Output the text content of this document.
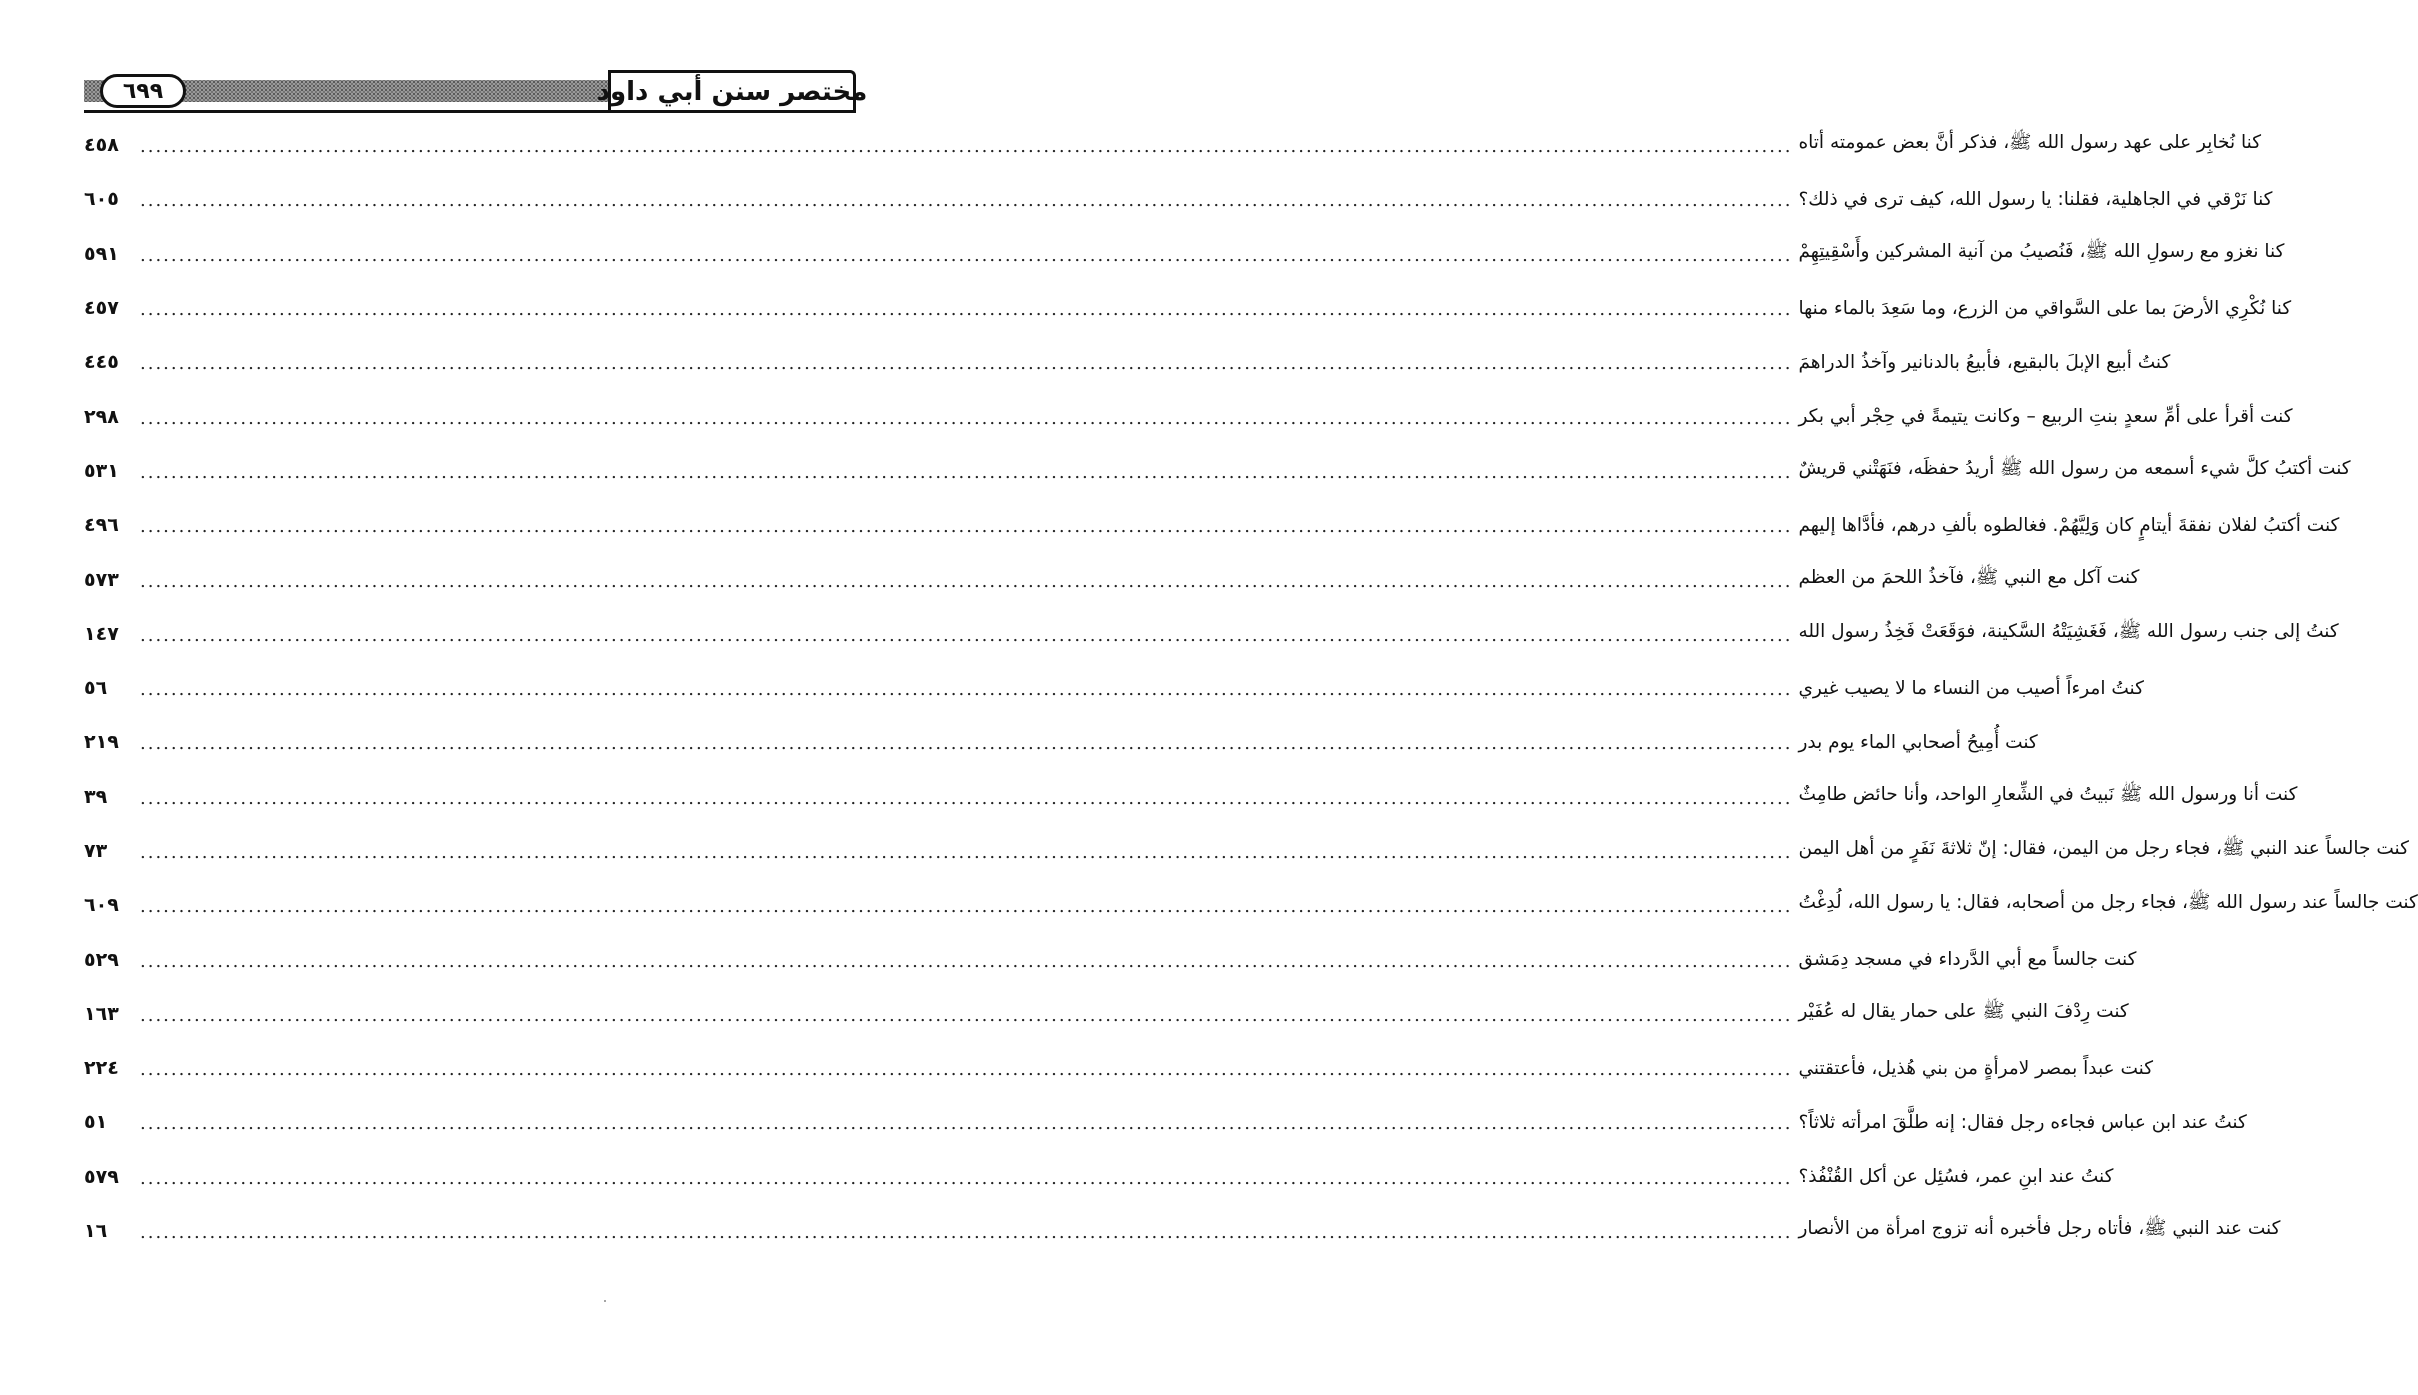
مختصر سنن أبي داود
٦٩٩
٤٥٨ .....	كنا نُخابِر على عهد رسول الله ﷺ، فذكر أنَّ بعض عمومته أتاه
٦٠٥ .....	كنا نَرْقي في الجاهلية، فقلنا: يا رسول الله، كيف ترى في ذلك؟
٥٩١ .....	كنا نغزو مع رسولِ الله ﷺ، فَنُصيبُ من آنية المشركين وأَسْقِيتِهِمْ
٤٥٧ .....	كنا نُكْرِي الأرضَ بما على السَّواقي من الزرع، وما سَعِدَ بالماء منها
٤٤٥ .....	كنتُ أبيع الإبلَ بالبقيع، فأبيعُ بالدنانير وآخذُ الدراهمَ
٢٩٨ .....	كنت أقرأ على أمِّ سعدٍ بنتِ الربيع – وكانت يتيمةً في حِجْر أبي بكر
٥٣١ .....	كنت أكتبُ كلَّ شيء أسمعه من رسول الله ﷺ أريدُ حفظَه، فنَهَتْني قريشٌ
٤٩٦ .....	كنت أكتبُ لفلان نفقةَ أيتامٍ كان وَلِيَّهُمْ. فغالطوه بألفِ درهم، فأدَّاها إليهم
٥٧٣ .....	كنت آكل مع النبي ﷺ، فآخذُ اللحمَ من العظم
١٤٧ .....	كنتُ إلى جنب رسول الله ﷺ، فَغَشِيَتْهُ السَّكينة، فوَقَعَتْ فَخِذُ رسول الله
٥٦ .....	كنتُ امرءاً أصيب من النساء ما لا يصيب غيري
٢١٩ .....	كنت أُمِيحُ أصحابي الماء يوم بدر
٣٩ .....	كنت أنا ورسول الله ﷺ نَبيتُ في الشِّعارِ الواحد، وأنا حائض طامِثٌ
٧٣ .....	كنت جالساً عند النبي ﷺ، فجاء رجل من اليمن، فقال: إنّ ثلاثةَ نَفَرٍ من أهل اليمن
٦٠٩ .....	كنت جالساً عند رسول الله ﷺ، فجاء رجل من أصحابه، فقال: يا رسول الله، لُدِغْتُ
٥٢٩ .....	كنت جالساً مع أبي الدَّرداء في مسجد دِمَشق
١٦٣ .....	كنت رِدْفَ النبي ﷺ على حمار يقال له عُفَيْر
٢٢٤ .....	كنت عبداً بمصر لامرأةٍ من بني هُذيل، فأعتقتني
٥١ .....	كنتُ عند ابن عباس فجاءه رجل فقال: إنه طلَّقَ امرأته ثلاثاً؟
٥٧٩ .....	كنتُ عند ابنِ عمر، فسُئِل عن أكل القُنْفُذ؟
١٦ .....	كنت عند النبي ﷺ، فأتاه رجل فأخبره أنه تزوج امرأة من الأنصار
